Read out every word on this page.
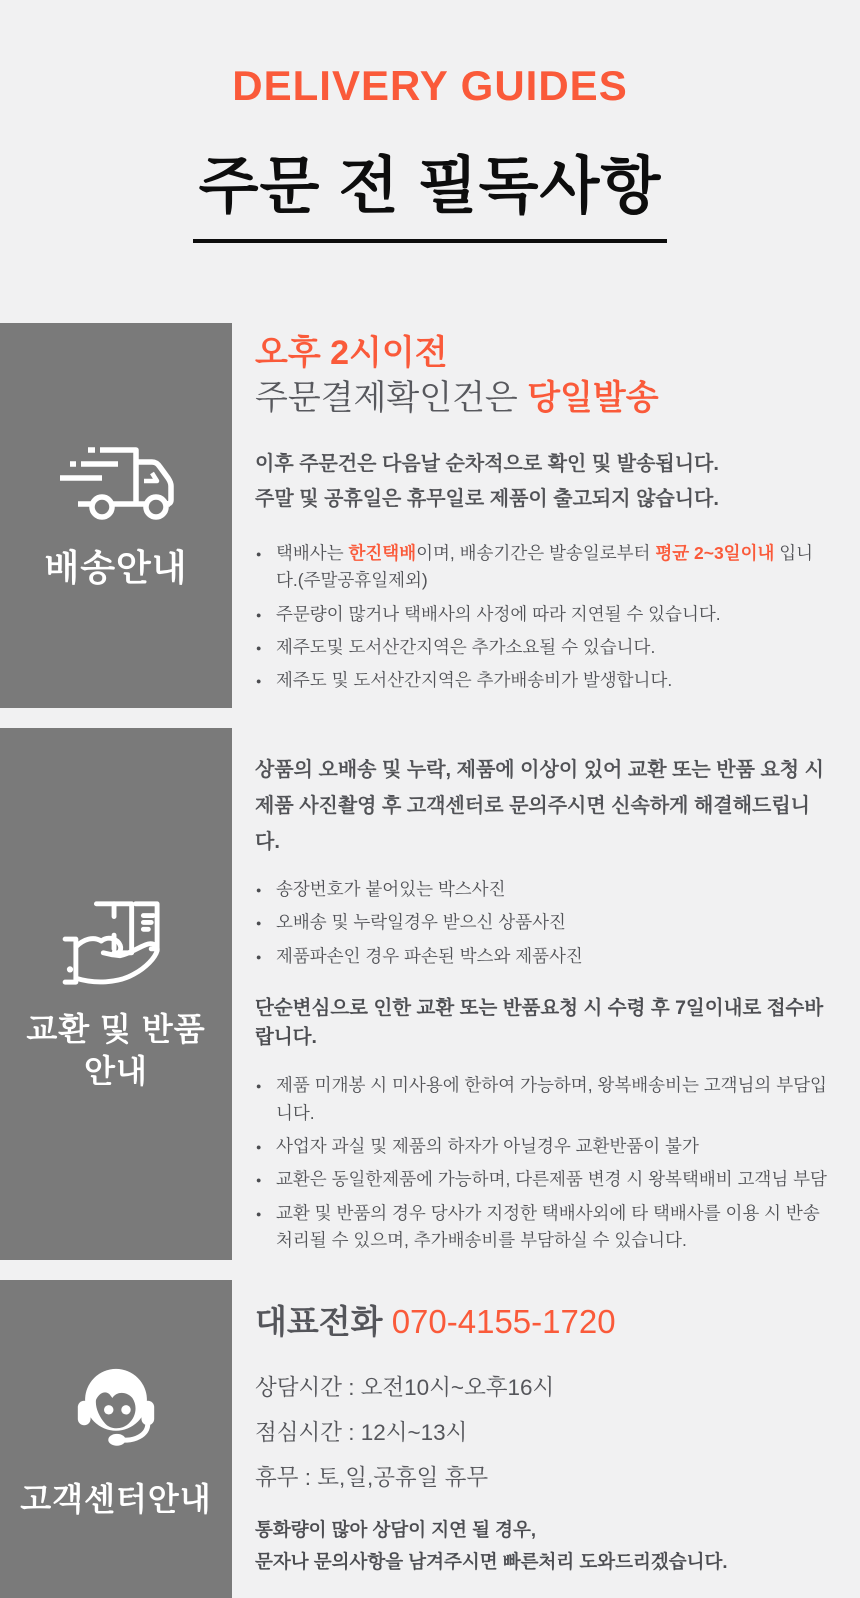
DELIVERY GUIDES
주문 전 필독사항
배송안내
오후 2시이전
주문결제확인건은 당일발송
이후 주문건은 다음날 순차적으로 확인 및 발송됩니다.
주말 및 공휴일은 휴무일로 제품이 출고되지 않습니다.
● 택배사는 한진택배이며, 배송기간은 발송일로부터 평균 2~3일이내 입니다.(주말공휴일제외)
● 주문량이 많거나 택배사의 사정에 따라 지연될 수 있습니다.
● 제주도및 도서산간지역은 추가소요될 수 있습니다.
● 제주도 및 도서산간지역은 추가배송비가 발생합니다.
교환 및 반품
안내
상품의 오배송 및 누락, 제품에 이상이 있어 교환 또는 반품 요청 시
제품 사진촬영 후 고객센터로 문의주시면 신속하게 해결해드립니다.
● 송장번호가 붙어있는 박스사진
● 오배송 및 누락일경우 받으신 상품사진
● 제품파손인 경우 파손된 박스와 제품사진
단순변심으로 인한 교환 또는 반품요청 시 수령 후 7일이내로 접수바랍니다.
● 제품 미개봉 시 미사용에 한하여 가능하며, 왕복배송비는 고객님의 부담입니다.
● 사업자 과실 및 제품의 하자가 아닐경우 교환반품이 불가
● 교환은 동일한제품에 가능하며, 다른제품 변경 시 왕복택배비 고객님 부담
● 교환 및 반품의 경우 당사가 지정한 택배사외에 타 택배사를 이용 시 반송 처리될 수 있으며, 추가배송비를 부담하실 수 있습니다.
고객센터안내
대표전화 070-4155-1720
상담시간 : 오전10시~오후16시
점심시간 : 12시~13시
휴무 : 토,일,공휴일 휴무
통화량이 많아 상담이 지연 될 경우,
문자나 문의사항을 남겨주시면 빠른처리 도와드리겠습니다.
